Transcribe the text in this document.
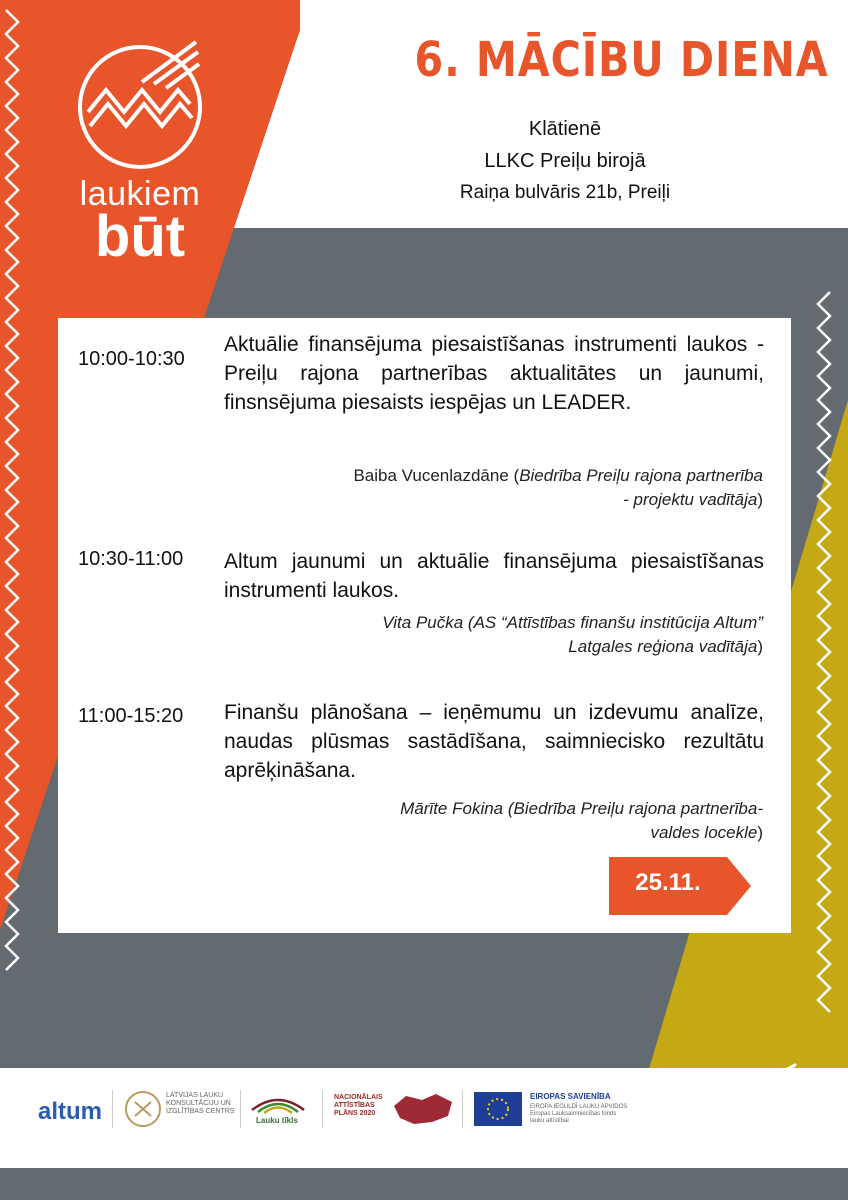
laukiem
būt
6. MĀCĪBU DIENA
Klātienē
LLKC Preiļu birojā
Raiņa bulvāris 21b, Preiļi
10:00-10:30
Aktuālie finansējuma piesaistīšanas instrumenti laukos - Preiļu rajona partnerības aktualitātes un jaunumi, finsnsējuma piesaists iespējas un LEADER.
Baiba Vucenlazdāne (Biedrība Preiļu rajona partnerība
- projektu vadītāja)
10:30-11:00 Altum jaunumi un aktuālie finansējuma piesaistīšanas instrumenti laukos.
Vita Pučka (AS “Attīstības finanšu institūcija Altum”
Latgales reģiona vadītāja)
11:00-15:20 Finanšu plānošana – ieņēmumu un izdevumu analīze, naudas plūsmas sastādīšana, saimniecisko rezultātu aprēķināšana.
Mārīte Fokina (Biedrība Preiļu rajona partnerība-
valdes locekle)
25.11.
altum
LATVIJAS LAUKU
KONSULTĀCIJU UN
IZGLĪTĪBAS CENTRS
Lauku tīkls
NACIONĀLAIS
ATTĪSTĪBAS
PLĀNS 2020
EIROPAS SAVIENĪBA
EIROPA IEGULDĪ LAUKU APVIDOS
Eiropas Lauksaimniecības fonds
lauku attīstībai
